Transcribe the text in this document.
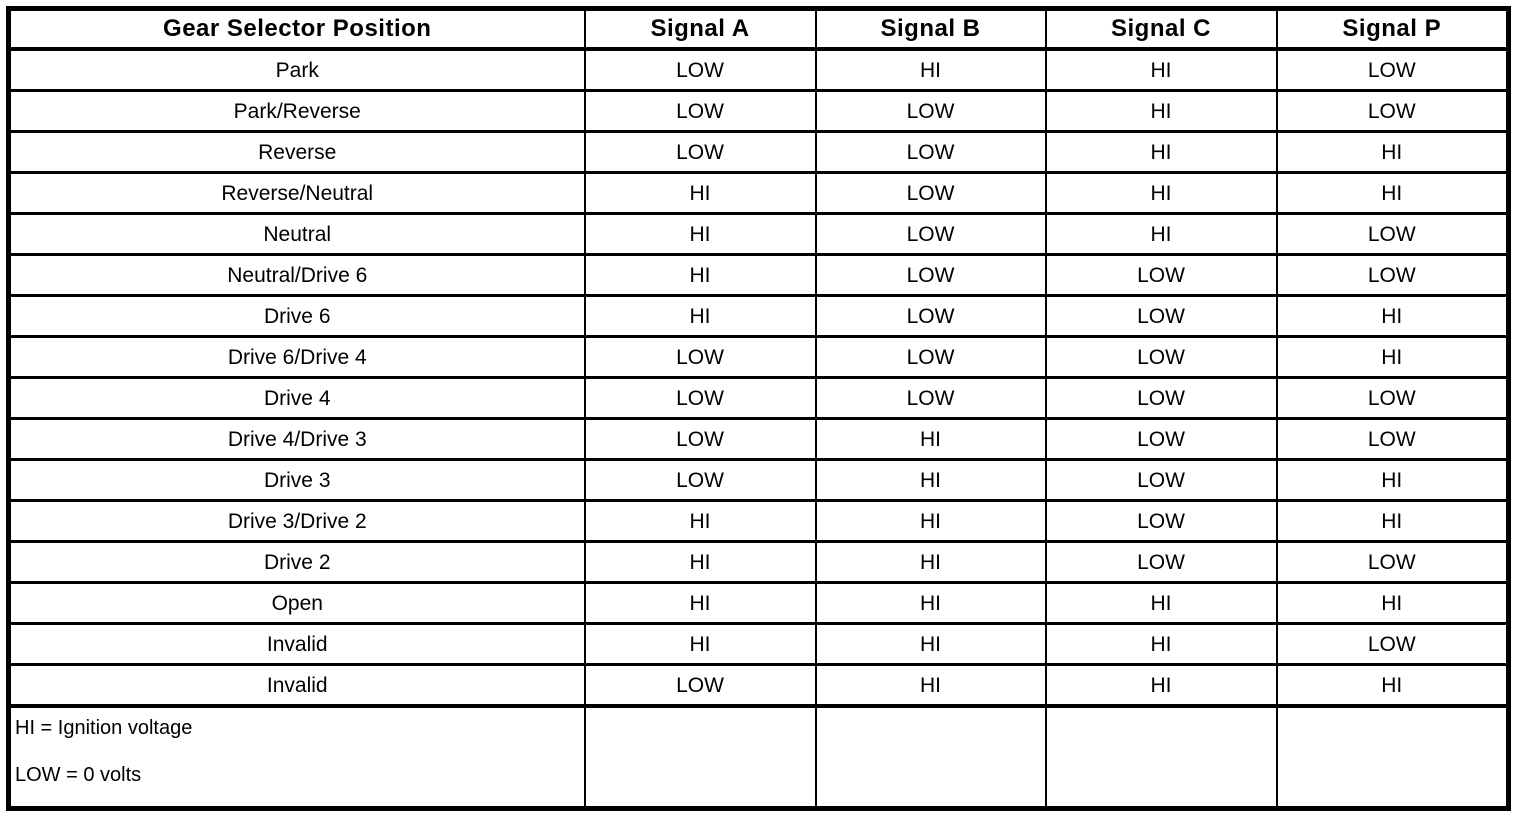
Gear Selector Position	Signal A	Signal B	Signal C	Signal P
Park	LOW	HI	HI	LOW
Park/Reverse	LOW	LOW	HI	LOW
Reverse	LOW	LOW	HI	HI
Reverse/Neutral	HI	LOW	HI	HI
Neutral	HI	LOW	HI	LOW
Neutral/Drive 6	HI	LOW	LOW	LOW
Drive 6	HI	LOW	LOW	HI
Drive 6/Drive 4	LOW	LOW	LOW	HI
Drive 4	LOW	LOW	LOW	LOW
Drive 4/Drive 3	LOW	HI	LOW	LOW
Drive 3	LOW	HI	LOW	HI
Drive 3/Drive 2	HI	HI	LOW	HI
Drive 2	HI	HI	LOW	LOW
Open	HI	HI	HI	HI
Invalid	HI	HI	HI	LOW
Invalid	LOW	HI	HI	HI

HI = Ignition voltage
LOW = 0 volts				
